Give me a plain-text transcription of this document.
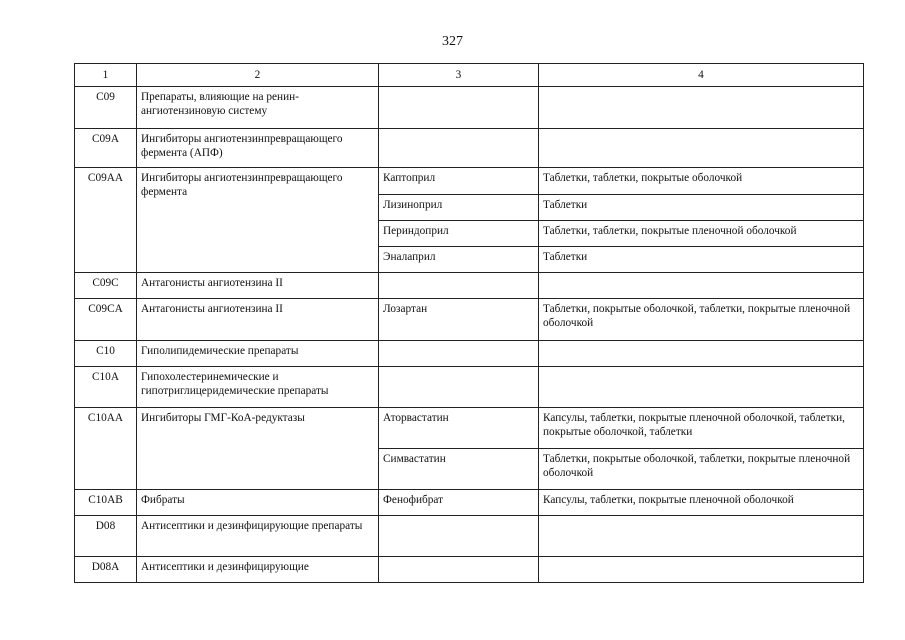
327
1	2	3	4
C09	Препараты, влияющие на ренин-ангиотензиновую систему		
C09A	Ингибиторы ангиотензинпревращающего фермента (АПФ)		
C09AA	Ингибиторы ангиотензинпревращающего фермента	Каптоприл	Таблетки, таблетки, покрытые оболочкой
		Лизиноприл	Таблетки
		Периндоприл	Таблетки, таблетки, покрытые пленочной оболочкой
		Эналаприл	Таблетки
C09C	Антагонисты ангиотензина II		
C09CA	Антагонисты ангиотензина II	Лозартан	Таблетки, покрытые оболочкой, таблетки, покрытые пленочной оболочкой
C10	Гиполипидемические препараты		
C10A	Гипохолестеринемические и гипотриглицеридемические препараты		
C10AA	Ингибиторы ГМГ-КоА-редуктазы	Аторвастатин	Капсулы, таблетки, покрытые пленочной оболочкой, таблетки, покрытые оболочкой, таблетки
		Симвастатин	Таблетки, покрытые оболочкой, таблетки, покрытые пленочной оболочкой
C10AB	Фибраты	Фенофибрат	Капсулы, таблетки, покрытые пленочной оболочкой
D08	Антисептики и дезинфицирующие препараты		
D08A	Антисептики и дезинфицирующие		
